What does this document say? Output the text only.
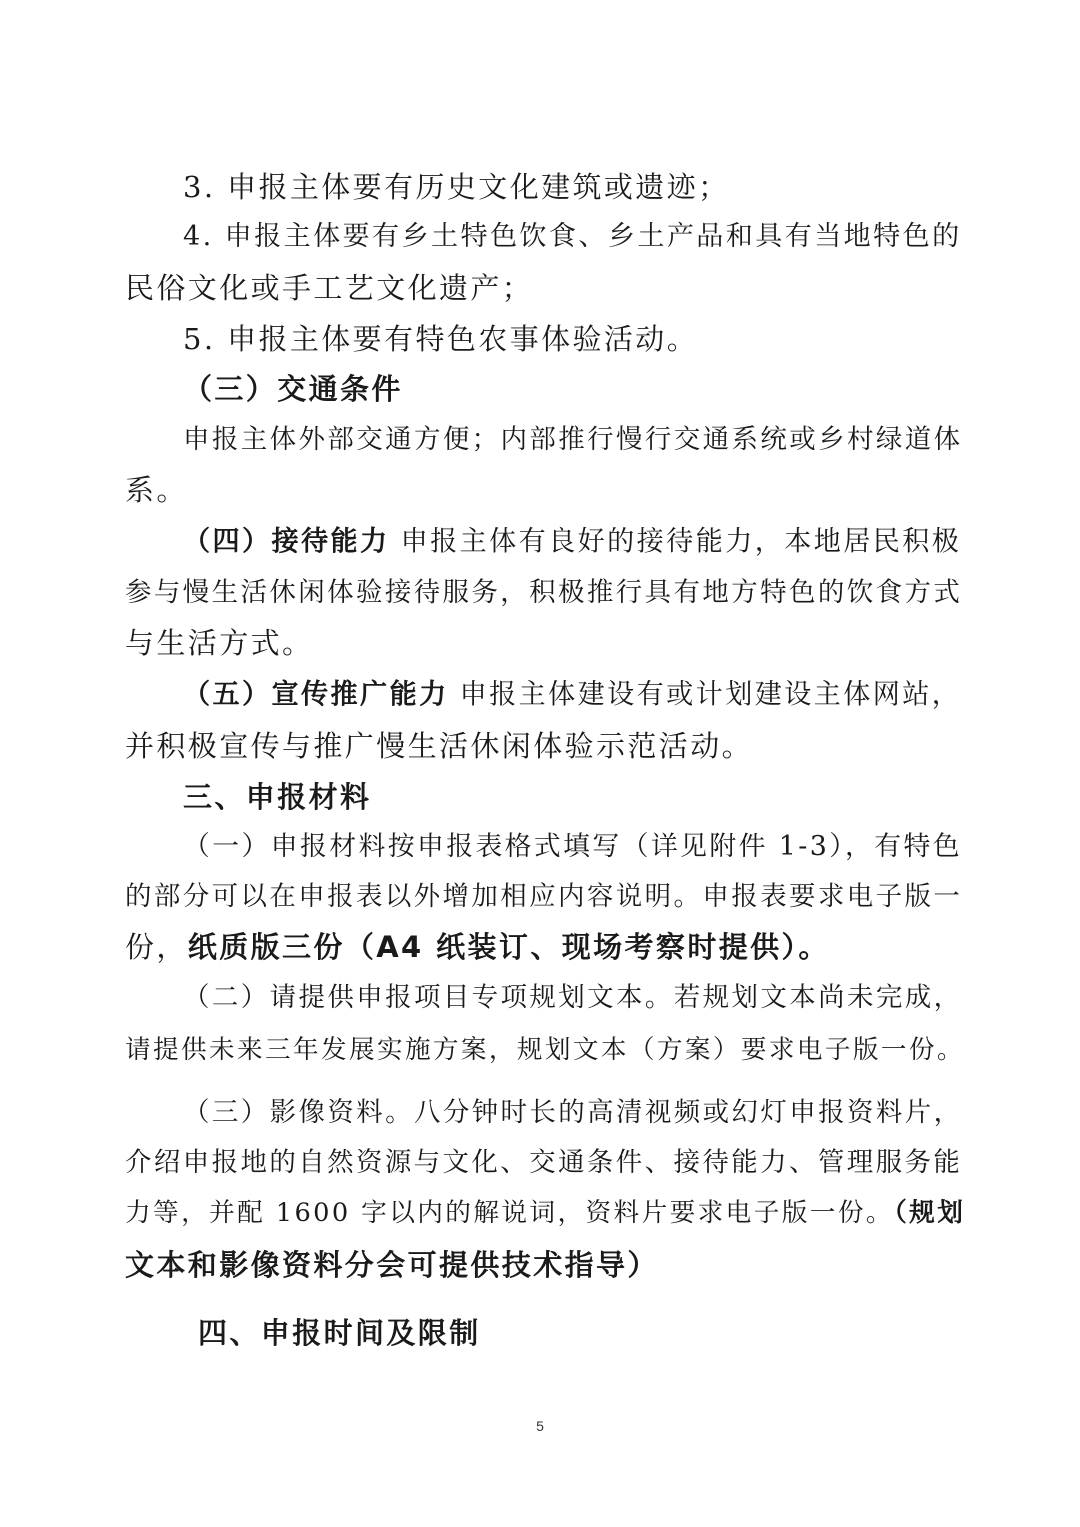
3. 申报主体要有历史文化建筑或遗迹；
4. 申报主体要有乡土特色饮食、乡土产品和具有当地特色的
民俗文化或手工艺文化遗产；
5. 申报主体要有特色农事体验活动。
（三）交通条件
申报主体外部交通方便；内部推行慢行交通系统或乡村绿道体
系。
（四）接待能力 申报主体有良好的接待能力，本地居民积极
参与慢生活休闲体验接待服务，积极推行具有地方特色的饮食方式
与生活方式。
（五）宣传推广能力 申报主体建设有或计划建设主体网站，
并积极宣传与推广慢生活休闲体验示范活动。
三、申报材料
（一）申报材料按申报表格式填写（详见附件 1-3），有特色
的部分可以在申报表以外增加相应内容说明。申报表要求电子版一
份，纸质版三份（A4 纸装订、现场考察时提供）。
（二）请提供申报项目专项规划文本。若规划文本尚未完成，
请提供未来三年发展实施方案，规划文本（方案）要求电子版一份。
（三）影像资料。八分钟时长的高清视频或幻灯申报资料片，
介绍申报地的自然资源与文化、交通条件、接待能力、管理服务能
力等，并配 1600 字以内的解说词，资料片要求电子版一份。（规划
文本和影像资料分会可提供技术指导）
四、申报时间及限制
5
